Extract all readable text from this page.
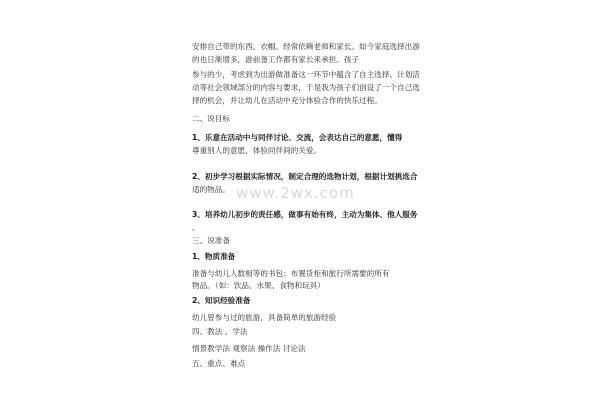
安排自己带的东西，衣帽。经常依赖老师和家长。如今家庭选择出游
的也日渐增多，游前备工作都有家长来承担。孩子
参与的少，考虑到为出游做准备这一环节中蕴含了自主选择、计划活
动等社会领域部分的内容与要求，于是我为孩子们创设了一个自己选
择的机会，并让幼儿在活动中充分体验合作的快乐过程。
二、说目标
1、乐意在活动中与同伴讨论、交流，会表达自己的意愿，懂得
尊重别人的意愿，体验同伴间的关爱。
2、初步学习根据实际情况，制定合理的选物计划，根据计划挑选合
适的物品。
3、培养幼儿初步的责任感，做事有始有终，主动为集体、他人服务
。
三、说准备
1、物质准备
准备与幼儿人数相等的书包；布置货柜和旅行所需要的所有
物品。（如：饮品、水果、食物和玩具）
2、知识经验准备
幼儿曾参与过的旅游，具备简单的旅游经验
四、教法 、学法
情景教学法 观察法 操作法 讨论法
五、重点、难点
www.2wx.com
